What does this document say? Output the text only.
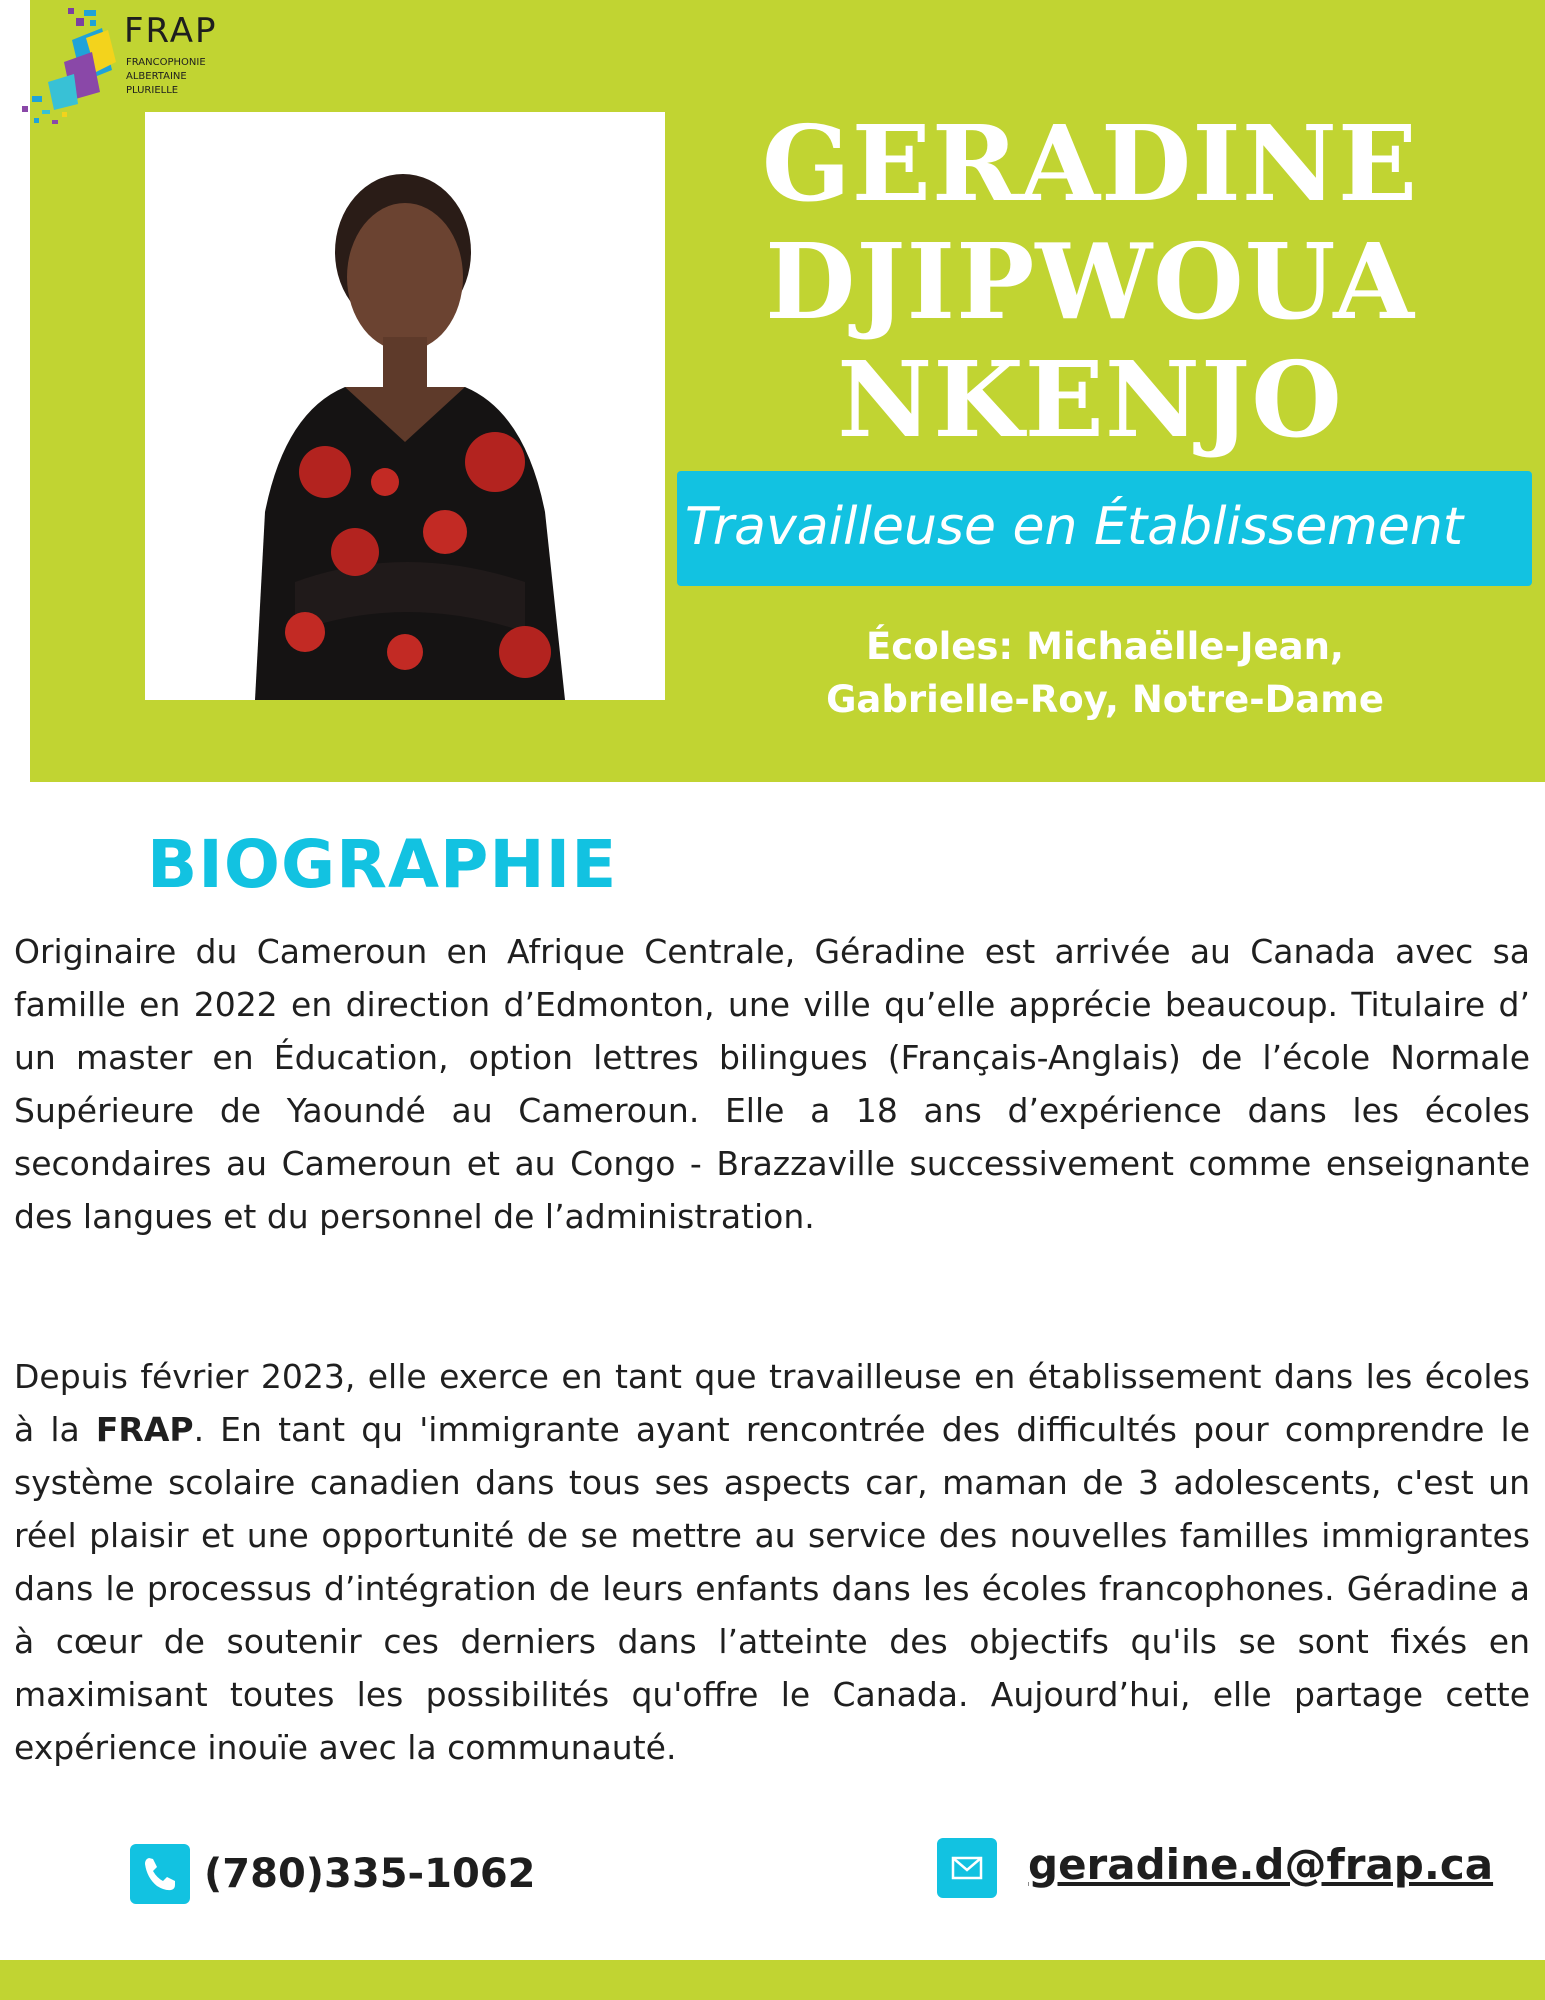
FRAP
FRANCOPHONIE
ALBERTAINE
PLURIELLE
GERADINE
DJIPWOUA
NKENJO
Travailleuse en Établissement
Écoles: Michaëlle-Jean,
Gabrielle-Roy, Notre-Dame
BIOGRAPHIE
Originaire du Cameroun en Afrique Centrale, Géradine est arrivée au Canada avec sa famille en 2022 en direction d’Edmonton, une ville qu’elle apprécie beaucoup. Titulaire d’ un master en Éducation, option lettres bilingues (Français-Anglais) de l’école Normale Supérieure de Yaoundé au Cameroun. Elle a 18 ans d’expérience dans les écoles secondaires au Cameroun et au Congo - Brazzaville successivement comme enseignante des langues et du personnel de l’administration.
Depuis février 2023, elle exerce en tant que travailleuse en établissement dans les écoles à la FRAP. En tant qu 'immigrante ayant rencontrée des difficultés pour comprendre le système scolaire canadien dans tous ses aspects car, maman de 3 adolescents, c'est un réel plaisir et une opportunité de se mettre au service des nouvelles familles immigrantes dans le processus d’intégration de leurs enfants dans les écoles francophones. Géradine a à cœur de soutenir ces derniers dans l’atteinte des objectifs qu'ils se sont fixés en maximisant toutes les possibilités qu'offre le Canada. Aujourd’hui, elle partage cette expérience inouïe avec la communauté.
(780)335-1062	geradine.d@frap.ca
